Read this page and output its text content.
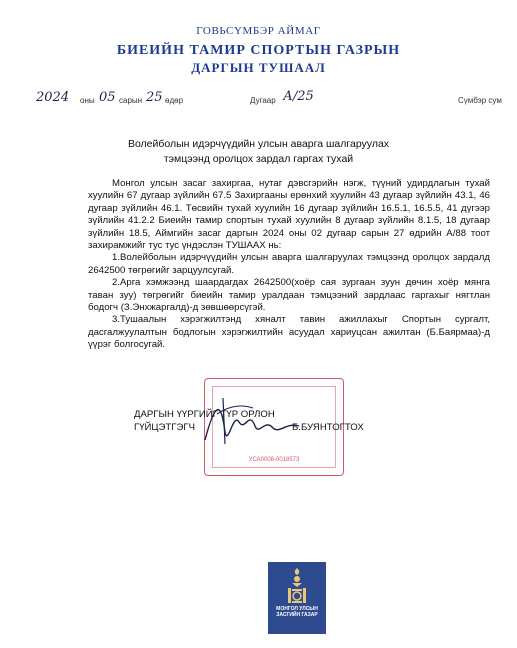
ГОВЬСҮМБЭР АЙМАГ
БИЕИЙН ТАМИР СПОРТЫН ГАЗРЫН
ДАРГЫН ТУШААЛ
2024 оны 05 сарын 25 өдөр	Дугаар А/25	Сүмбэр сум
Волейболын идэрчүүдийн улсын аварга шалгаруулах
тэмцээнд оролцох зардал гаргах тухай

Монгол улсын засаг захиргаа, нутаг дэвсгэрийн нэгж, түүний удирдлагын тухай хуулийн 67 дугаар зүйлийн 67.5 Захиргааны ерөнхий хуулийн 43 дугаар зүйлийн 43.1, 46 дугаар зүйлийн 46.1. Төсвийн тухай хуулийн 16 дугаар зүйлийн 16.5.1, 16.5.5, 41 дүгээр зүйлийн 41.2.2 Биеийн тамир спортын тухай хуулийн 8 дугаар зүйлийн 8.1.5, 18 дугаар зүйлийн 18.5, Аймгийн засаг даргын 2024 оны 02 дугаар сарын 27 өдрийн А/88 тоот захирамжийг тус тус үндэслэн ТУШААХ нь:

1.Волейболын идэрчүүдийн улсын аварга шалгаруулах тэмцээнд оролцох зардалд 2642500 төгрөгийг зарцуулсугай.

2.Арга хэмжээнд шаардагдах 2642500(хоёр сая зургаан зуун дөчин хоёр мянга таван зуу) төгрөгийг биеийн тамир уралдаан тэмцээний зардлаас гаргахыг нягтлан бодогч (З.Энхжаргалд)-д зөвшөөрсүгэй.

3.Тушаалын хэрэгжилтэнд хяналт тавин ажиллахыг Спортын сургалт, дасгалжуулалтын бодлогын хэрэгжилтийн асуудал хариуцсан ажилтан (Б.Баярмаа)-д үүрэг болгосугай.

УСА0008-0018573
ДАРГЫН ҮҮРГИЙГ ТҮР ОРЛОН
ГҮЙЦЭТГЭГЧ	Б.БУЯНТОГТОХ
МОНГОЛ УЛСЫН
ЗАСГИЙН ГАЗАР
